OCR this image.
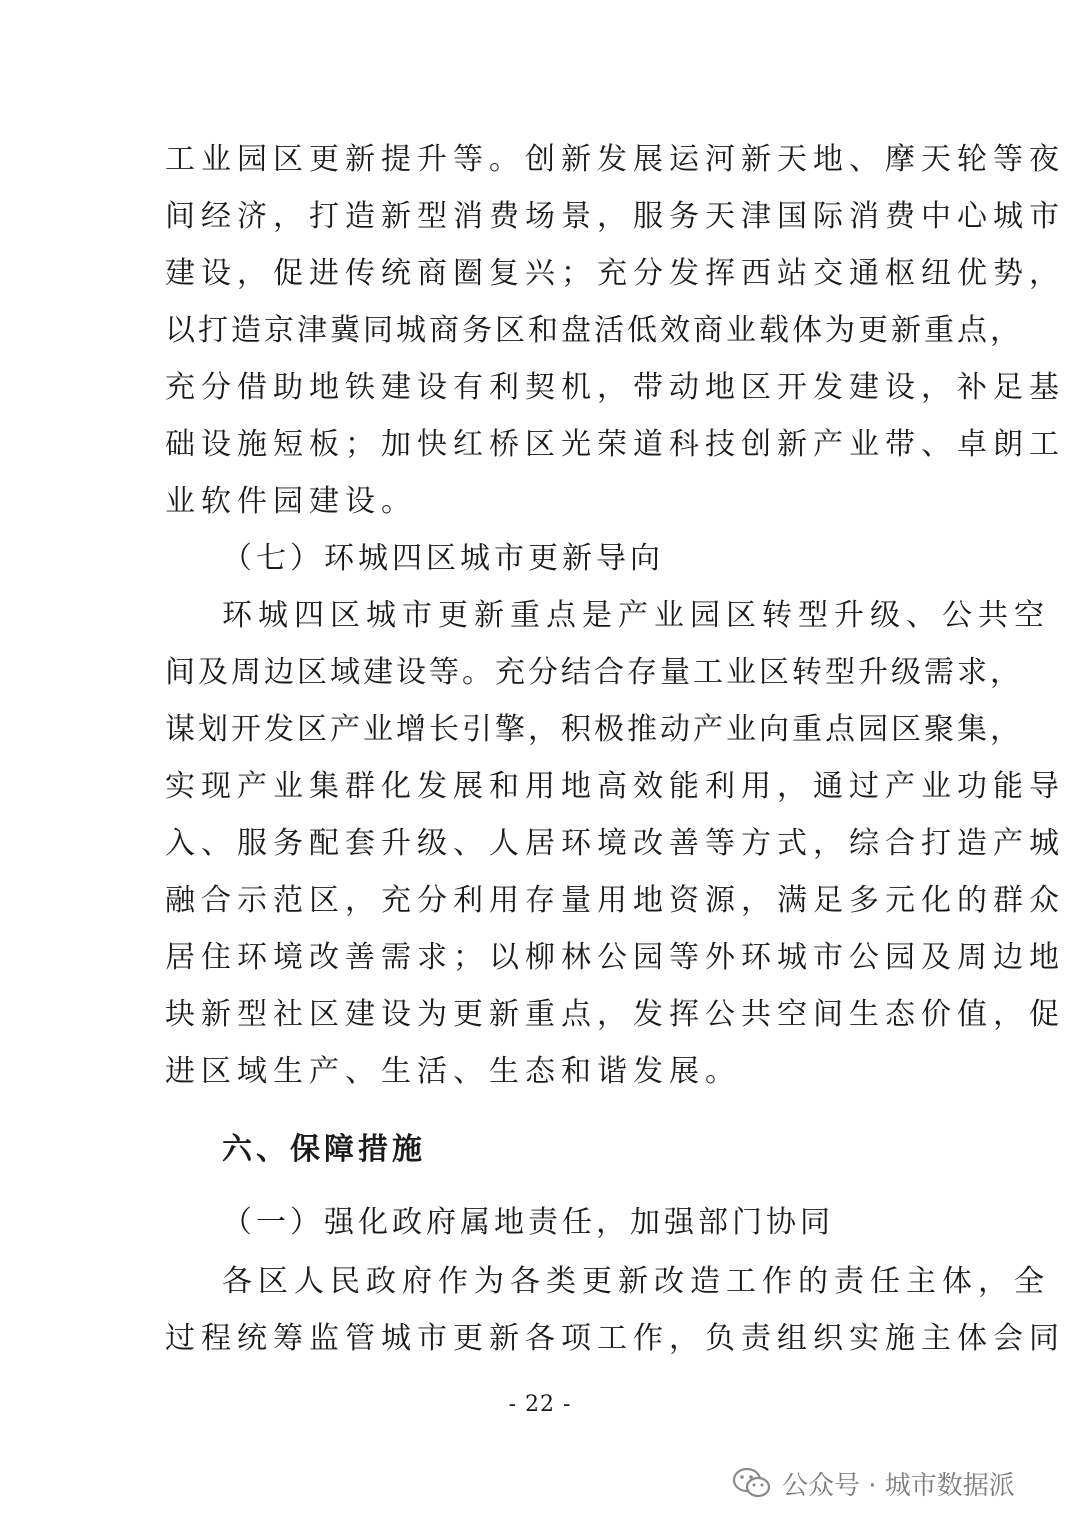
工业园区更新提升等。创新发展运河新天地、摩天轮等夜
间经济，打造新型消费场景，服务天津国际消费中心城市
建设，促进传统商圈复兴；充分发挥西站交通枢纽优势，
以打造京津冀同城商务区和盘活低效商业载体为更新重点，
充分借助地铁建设有利契机，带动地区开发建设，补足基
础设施短板；加快红桥区光荣道科技创新产业带、卓朗工
业软件园建设。
（七）环城四区城市更新导向
环城四区城市更新重点是产业园区转型升级、公共空
间及周边区域建设等。充分结合存量工业区转型升级需求，
谋划开发区产业增长引擎，积极推动产业向重点园区聚集，
实现产业集群化发展和用地高效能利用，通过产业功能导
入、服务配套升级、人居环境改善等方式，综合打造产城
融合示范区，充分利用存量用地资源，满足多元化的群众
居住环境改善需求；以柳林公园等外环城市公园及周边地
块新型社区建设为更新重点，发挥公共空间生态价值，促
进区域生产、生活、生态和谐发展。
六、保障措施
（一）强化政府属地责任，加强部门协同
各区人民政府作为各类更新改造工作的责任主体，全
过程统筹监管城市更新各项工作，负责组织实施主体会同
- 22 -
公众号 · 城市数据派
